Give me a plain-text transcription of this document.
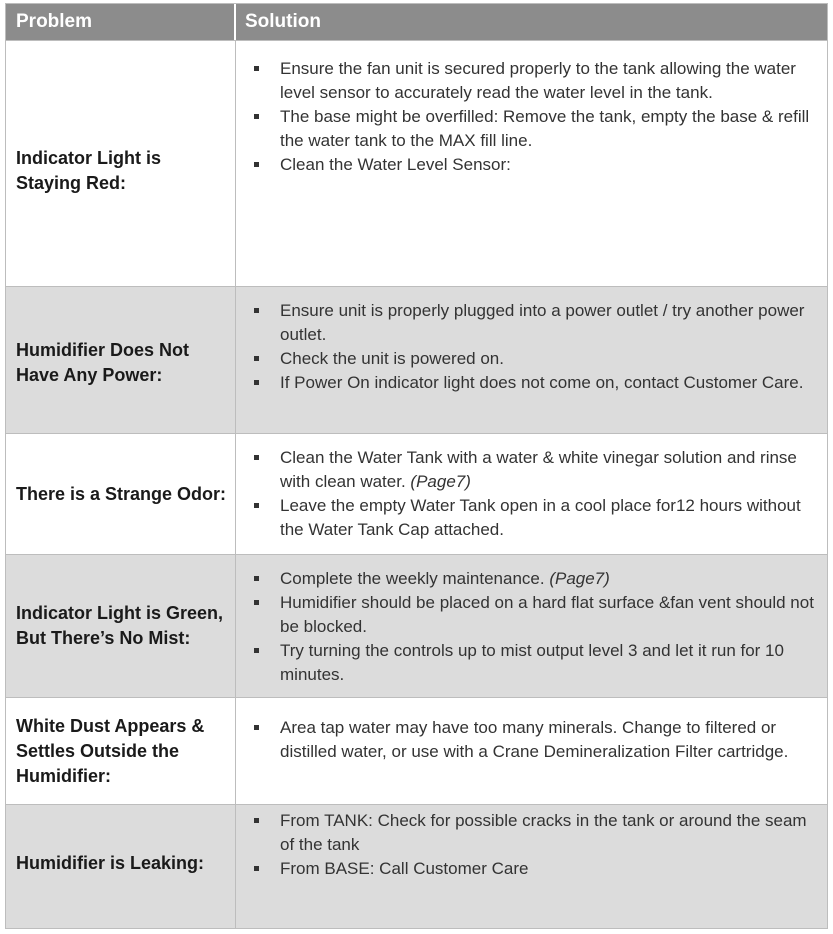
Problem	Solution
Indicator Light is Staying Red:
Ensure the fan unit is secured properly to the tank allowing the water level sensor to accurately read the water level in the tank.
The base might be overfilled: Remove the tank, empty the base & refill the water tank to the MAX fill line.
Clean the Water Level Sensor:
Humidifier Does Not Have Any Power:
Ensure unit is properly plugged into a power outlet / try another power outlet.
Check the unit is powered on.
If Power On indicator light does not come on, contact Customer Care.
There is a Strange Odor:
Clean the Water Tank with a water & white vinegar solution and rinse with clean water. (Page7)
Leave the empty Water Tank open in a cool place for12 hours without the Water Tank Cap attached.
Indicator Light is Green, But There’s No Mist:
Complete the weekly maintenance. (Page7)
Humidifier should be placed on a hard flat surface &fan vent should not be blocked.
Try turning the controls up to mist output level 3 and let it run for 10 minutes.
White Dust Appears & Settles Outside the Humidifier:
Area tap water may have too many minerals. Change to filtered or distilled water, or use with a Crane Demineralization Filter cartridge.
Humidifier is Leaking:
From TANK: Check for possible cracks in the tank or around the seam of the tank
From BASE: Call Customer Care
